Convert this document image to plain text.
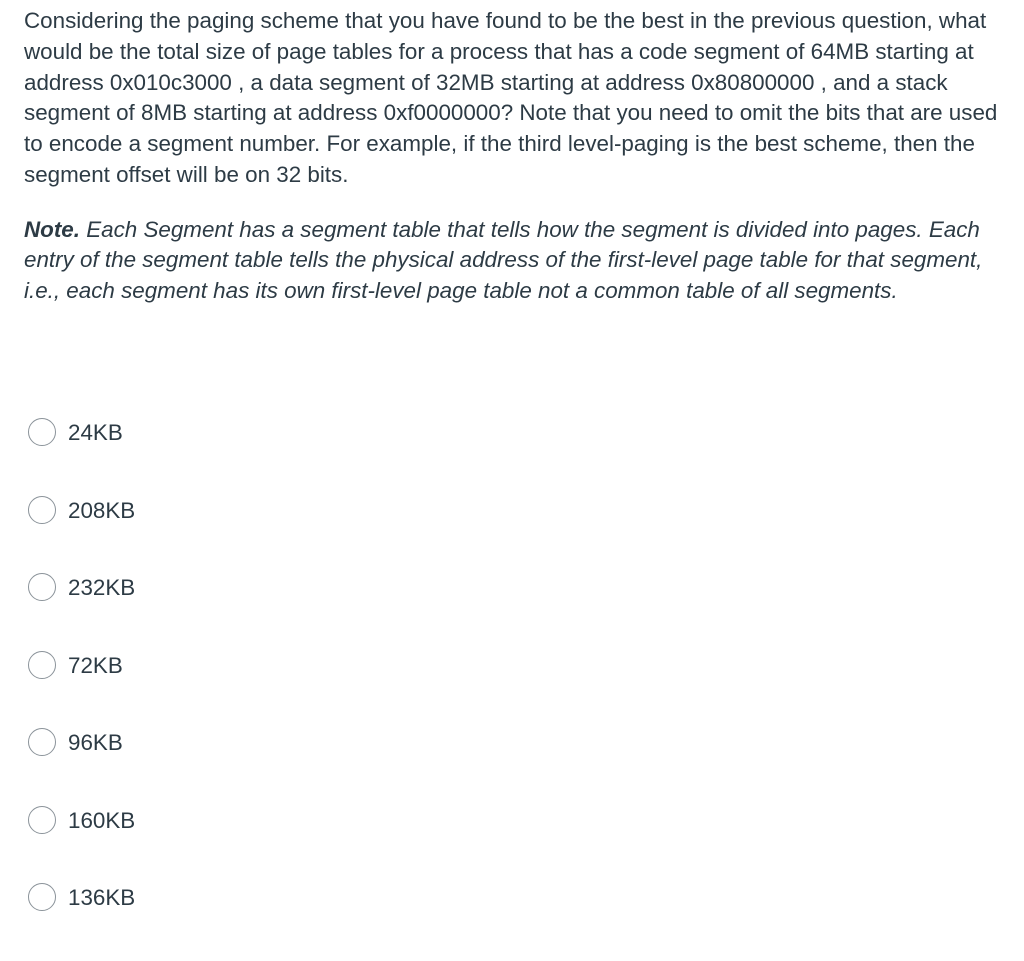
Considering the paging scheme that you have found to be the best in the previous question, what would be the total size of page tables for a process that has a code segment of 64MB starting at address 0x010c3000 , a data segment of 32MB starting at address 0x80800000 , and a stack segment of 8MB starting at address 0xf0000000? Note that you need to omit the bits that are used to encode a segment number. For example, if the third level-paging is the best scheme, then the segment offset will be on 32 bits.

Note. Each Segment has a segment table that tells how the segment is divided into pages. Each entry of the segment table tells the physical address of the first-level page table for that segment, i.e., each segment has its own first-level page table not a common table of all segments.

24KB
208KB
232KB
72KB
96KB
160KB
136KB
